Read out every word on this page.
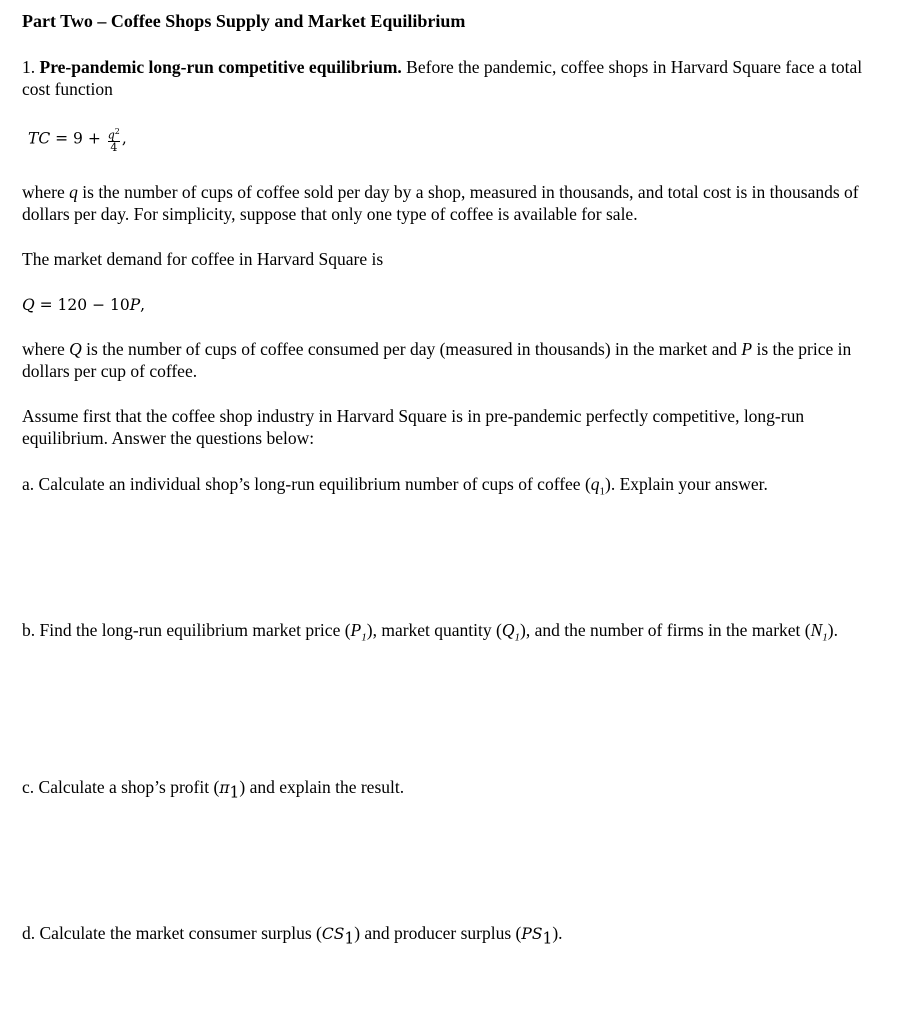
Part Two – Coffee Shops Supply and Market Equilibrium
1. Pre-pandemic long-run competitive equilibrium. Before the pandemic, coffee shops in Harvard Square face a total cost function
TC = $9 + \frac{q^2}{4}$ ,
where q is the number of cups of coffee sold per day by a shop, measured in thousands, and total cost is in thousands of dollars per day. For simplicity, suppose that only one type of coffee is available for sale.
The market demand for coffee in Harvard Square is
Q = 120 − 10P,
where Q is the number of cups of coffee consumed per day (measured in thousands) in the market and P is the price in dollars per cup of coffee.
Assume first that the coffee shop industry in Harvard Square is in pre-pandemic perfectly competitive, long-run equilibrium. Answer the questions below:
a. Calculate an individual shop’s long-run equilibrium number of cups of coffee $(q_1)$. Explain your answer.
b. Find the long-run equilibrium market price $(P_1)$, market quantity $(Q_1)$, and the number of firms in the market $(N_1)$.
c. Calculate a shop’s profit $(\pi_1)$ and explain the result.
d. Calculate the market consumer surplus $(CS_1)$ and producer surplus $(PS_1)$.
